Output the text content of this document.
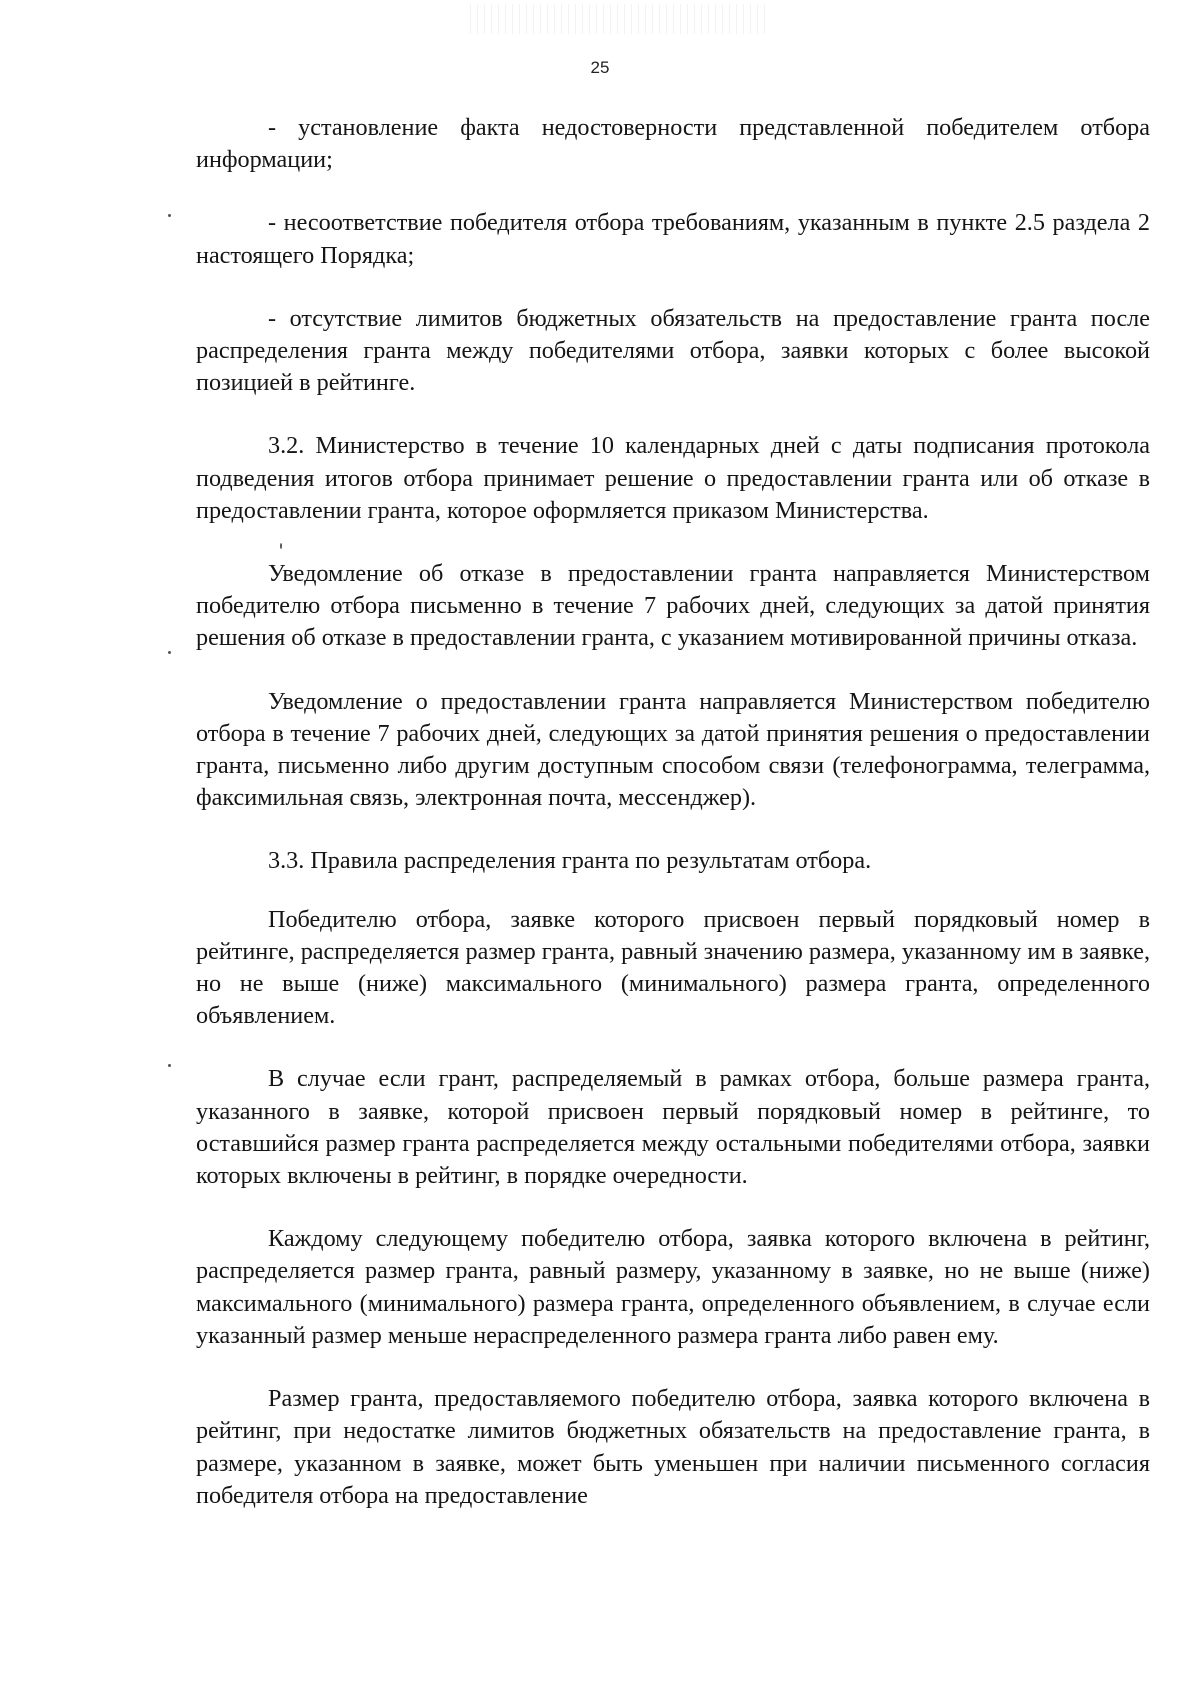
25

- установление факта недостоверности представленной победителем отбора информации;

- несоответствие победителя отбора требованиям, указанным в пункте 2.5 раздела 2 настоящего Порядка;

- отсутствие лимитов бюджетных обязательств на предоставление гранта после распределения гранта между победителями отбора, заявки которых с более высокой позицией в рейтинге.

3.2. Министерство в течение 10 календарных дней с даты подписания протокола подведения итогов отбора принимает решение о предоставлении гранта или об отказе в предоставлении гранта, которое оформляется приказом Министерства.

Уведомление об отказе в предоставлении гранта направляется Министерством победителю отбора письменно в течение 7 рабочих дней, следующих за датой принятия решения об отказе в предоставлении гранта, с указанием мотивированной причины отказа.

Уведомление о предоставлении гранта направляется Министерством победителю отбора в течение 7 рабочих дней, следующих за датой принятия решения о предоставлении гранта, письменно либо другим доступным способом связи (телефонограмма, телеграмма, факсимильная связь, электронная почта, мессенджер).

3.3. Правила распределения гранта по результатам отбора.

Победителю отбора, заявке которого присвоен первый порядковый номер в рейтинге, распределяется размер гранта, равный значению размера, указанному им в заявке, но не выше (ниже) максимального (минимального) размера гранта, определенного объявлением.

В случае если грант, распределяемый в рамках отбора, больше размера гранта, указанного в заявке, которой присвоен первый порядковый номер в рейтинге, то оставшийся размер гранта распределяется между остальными победителями отбора, заявки которых включены в рейтинг, в порядке очередности.

Каждому следующему победителю отбора, заявка которого включена в рейтинг, распределяется размер гранта, равный размеру, указанному в заявке, но не выше (ниже) максимального (минимального) размера гранта, определенного объявлением, в случае если указанный размер меньше нераспределенного размера гранта либо равен ему.

Размер гранта, предоставляемого победителю отбора, заявка которого включена в рейтинг, при недостатке лимитов бюджетных обязательств на предоставление гранта, в размере, указанном в заявке, может быть уменьшен при наличии письменного согласия победителя отбора на предоставление
